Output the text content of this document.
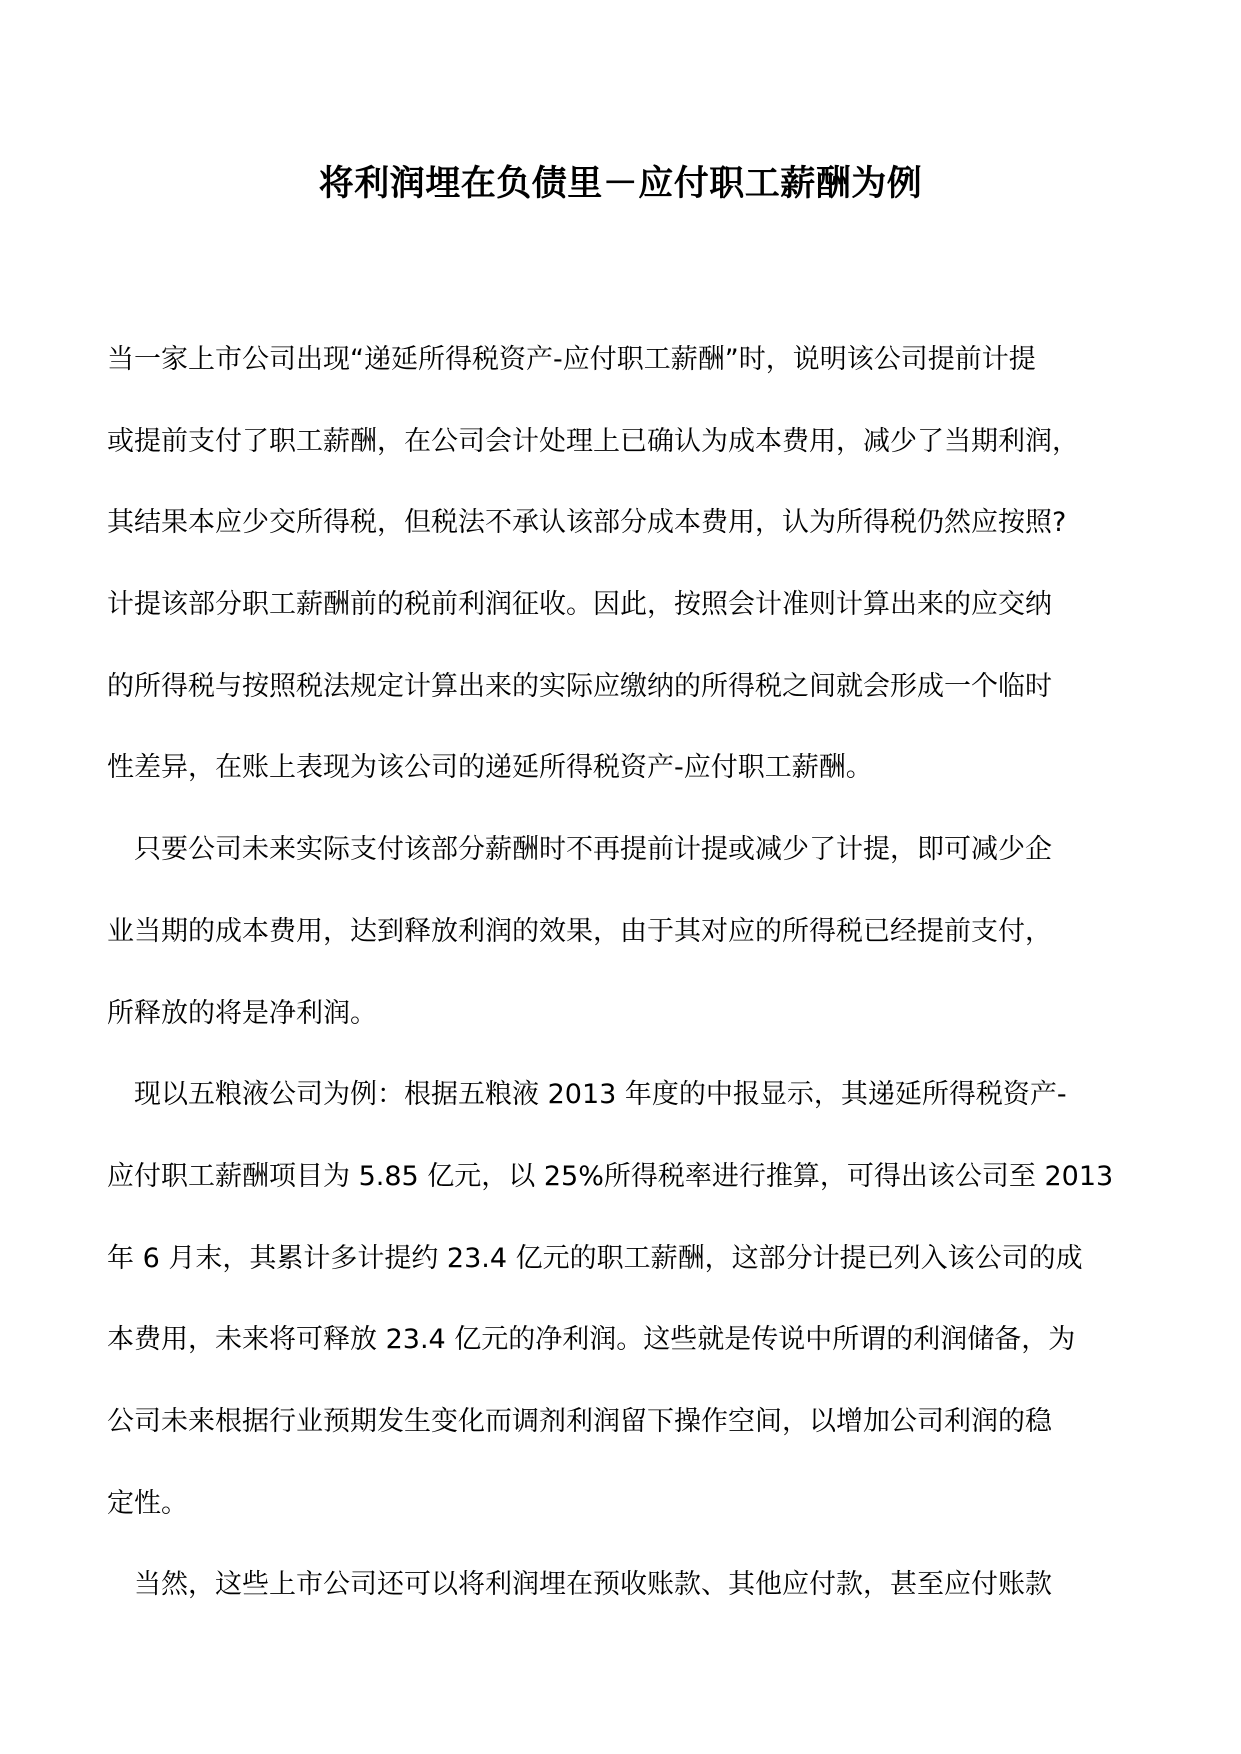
将利润埋在负债里－应付职工薪酬为例
当一家上市公司出现“递延所得税资产-应付职工薪酬”时，说明该公司提前计提
或提前支付了职工薪酬，在公司会计处理上已确认为成本费用，减少了当期利润，
其结果本应少交所得税，但税法不承认该部分成本费用，认为所得税仍然应按照?
计提该部分职工薪酬前的税前利润征收。因此，按照会计准则计算出来的应交纳
的所得税与按照税法规定计算出来的实际应缴纳的所得税之间就会形成一个临时
性差异，在账上表现为该公司的递延所得税资产-应付职工薪酬。
只要公司未来实际支付该部分薪酬时不再提前计提或减少了计提，即可减少企
业当期的成本费用，达到释放利润的效果，由于其对应的所得税已经提前支付，
所释放的将是净利润。
现以五粮液公司为例：根据五粮液 2013 年度的中报显示，其递延所得税资产-
应付职工薪酬项目为 5.85 亿元，以 25%所得税率进行推算，可得出该公司至 2013
年 6 月末，其累计多计提约 23.4 亿元的职工薪酬，这部分计提已列入该公司的成
本费用，未来将可释放 23.4 亿元的净利润。这些就是传说中所谓的利润储备，为
公司未来根据行业预期发生变化而调剂利润留下操作空间，以增加公司利润的稳
定性。
当然，这些上市公司还可以将利润埋在预收账款、其他应付款，甚至应付账款
